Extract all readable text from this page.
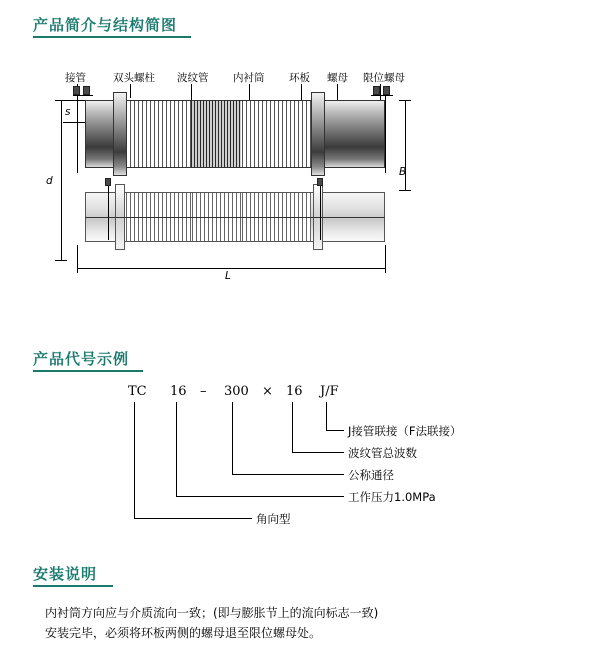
产品简介与结构简图
接管	双头螺柱 波纹管 内衬筒 环板 螺母 限位螺母
s
d
B
L
产品代号示例
TC 16 – 300 × 16 J/F
J接管联接（F法联接）
波纹管总波数
公称通径
工作压力1.0MPa
角向型
安装说明
内衬筒方向应与介质流向一致；(即与膨胀节上的流向标志一致)
安装完毕，必须将环板两侧的螺母退至限位螺母处。
